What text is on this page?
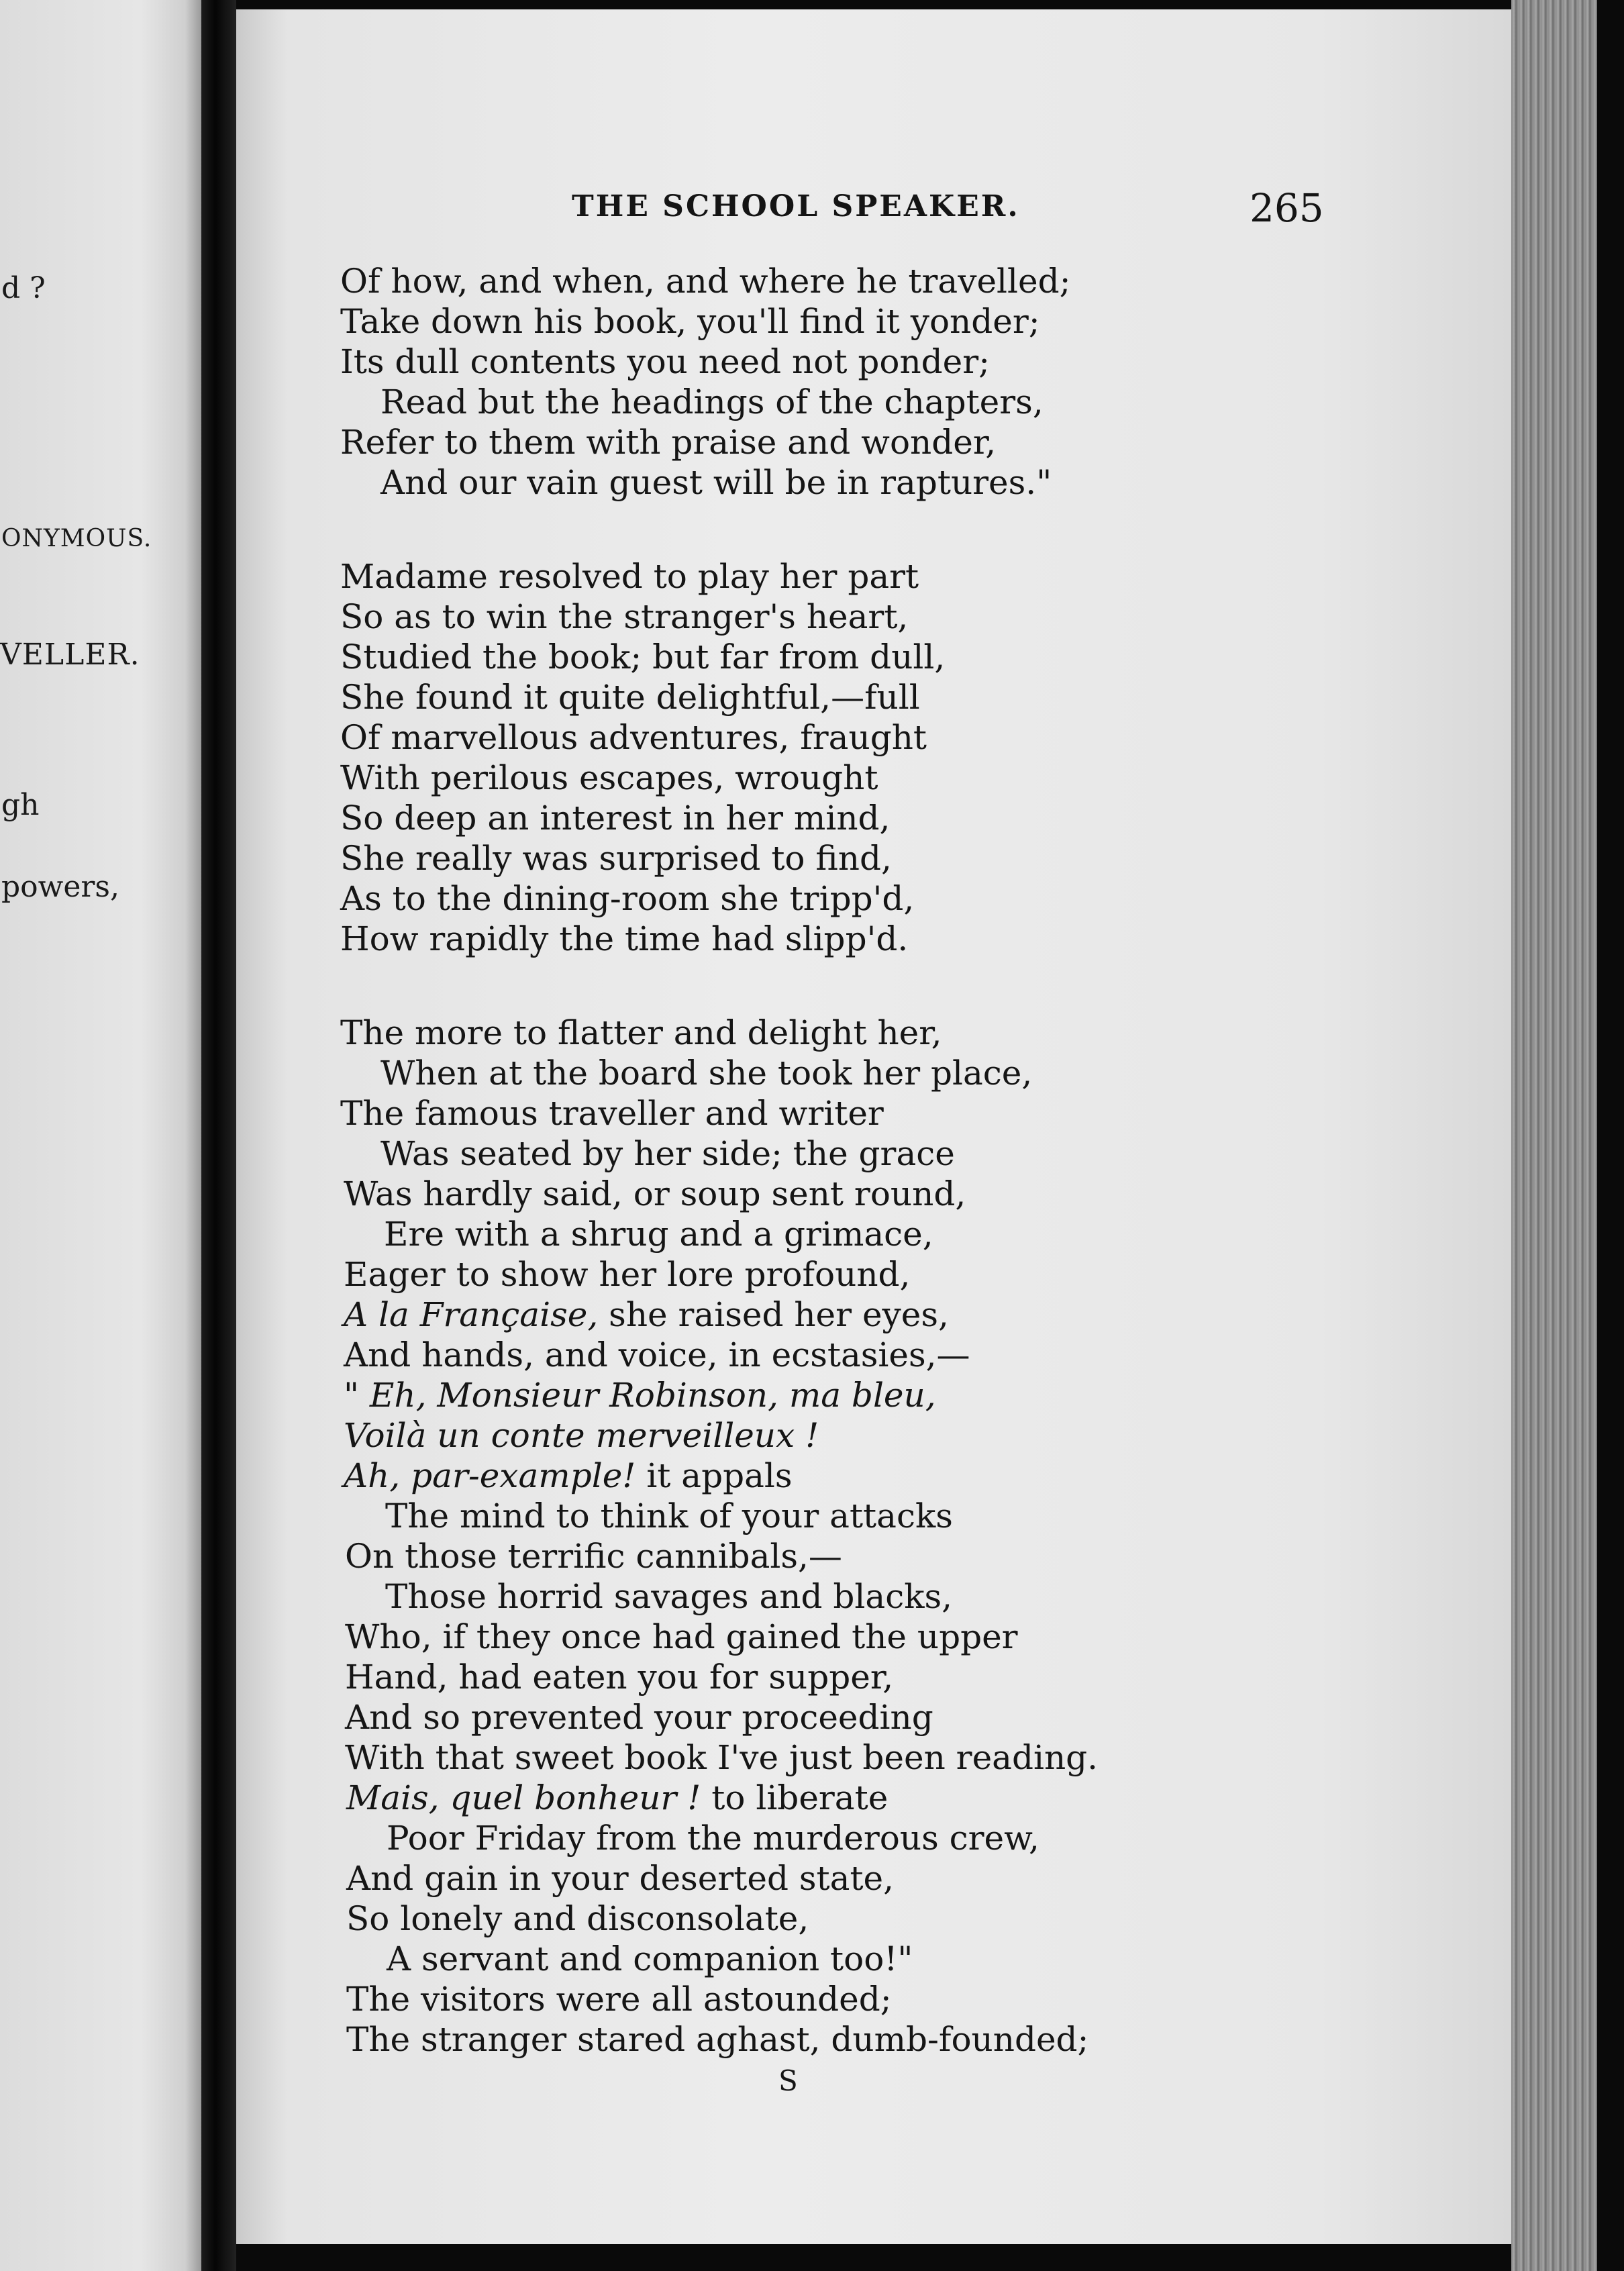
d ?
ONYMOUS.
VELLER.
gh
powers,
THE SCHOOL SPEAKER.	265
Of how, and when, and where he travelled;
Take down his book, you'll find it yonder;
Its dull contents you need not ponder;
Read but the headings of the chapters,
Refer to them with praise and wonder,
And our vain guest will be in raptures."
Madame resolved to play her part
So as to win the stranger's heart,
Studied the book; but far from dull,
She found it quite delightful,—full
Of marvellous adventures, fraught
With perilous escapes, wrought
So deep an interest in her mind,
She really was surprised to find,
As to the dining-room she tripp'd,
How rapidly the time had slipp'd.
The more to flatter and delight her,
When at the board she took her place,
The famous traveller and writer
Was seated by her side; the grace
Was hardly said, or soup sent round,
Ere with a shrug and a grimace,
Eager to show her lore profound,
A la Française, she raised her eyes,
And hands, and voice, in ecstasies,—
" Eh, Monsieur Robinson, ma bleu,
Voilà un conte merveilleux !
Ah, par-example! it appals
The mind to think of your attacks
On those terrific cannibals,—
Those horrid savages and blacks,
Who, if they once had gained the upper
Hand, had eaten you for supper,
And so prevented your proceeding
With that sweet book I've just been reading.
Mais, quel bonheur ! to liberate
Poor Friday from the murderous crew,
And gain in your deserted state,
So lonely and disconsolate,
A servant and companion too!"
The visitors were all astounded;
The stranger stared aghast, dumb-founded;
S
